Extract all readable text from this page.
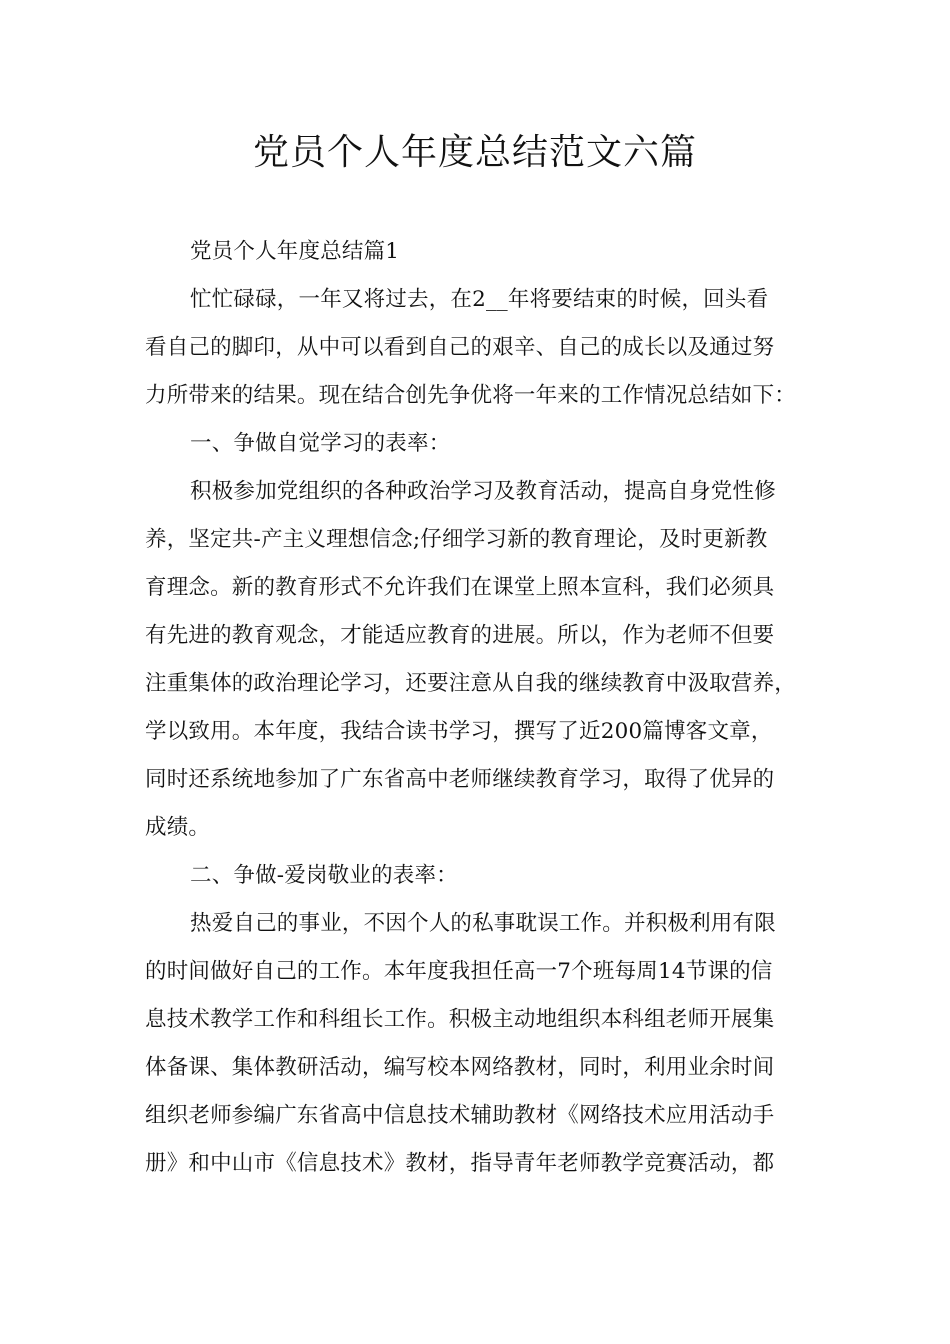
党员个人年度总结范文六篇
党员个人年度总结篇1
忙忙碌碌，一年又将过去，在2__年将要结束的时候，回头看
看自己的脚印，从中可以看到自己的艰辛、自己的成长以及通过努
力所带来的结果。现在结合创先争优将一年来的工作情况总结如下：
一、争做自觉学习的表率：
积极参加党组织的各种政治学习及教育活动，提高自身党性修
养，坚定共-产主义理想信念;仔细学习新的教育理论，及时更新教
育理念。新的教育形式不允许我们在课堂上照本宣科，我们必须具
有先进的教育观念，才能适应教育的进展。所以，作为老师不但要
注重集体的政治理论学习，还要注意从自我的继续教育中汲取营养，
学以致用。本年度，我结合读书学习，撰写了近200篇博客文章，
同时还系统地参加了广东省高中老师继续教育学习，取得了优异的
成绩。
二、争做-爱岗敬业的表率：
热爱自己的事业，不因个人的私事耽误工作。并积极利用有限
的时间做好自己的工作。本年度我担任高一7个班每周14节课的信
息技术教学工作和科组长工作。积极主动地组织本科组老师开展集
体备课、集体教研活动，编写校本网络教材，同时，利用业余时间
组织老师参编广东省高中信息技术辅助教材《网络技术应用活动手
册》和中山市《信息技术》教材，指导青年老师教学竞赛活动，都
